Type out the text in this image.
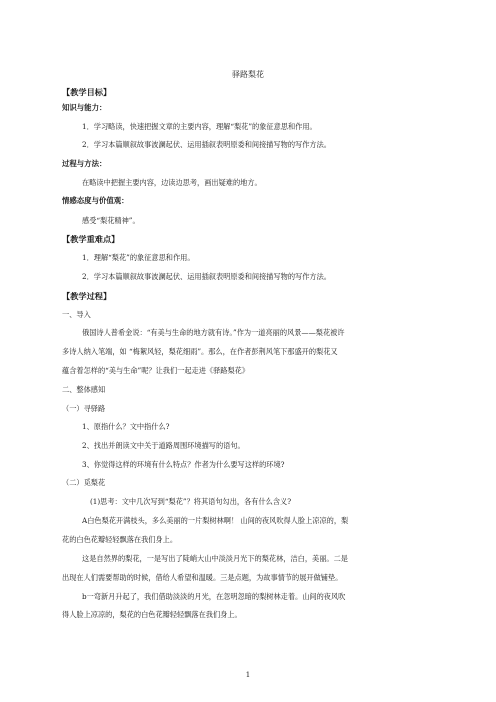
驿路梨花
【教学目标】
知识与能力：
1．学习略读，快速把握文章的主要内容，理解“梨花”的象征意思和作用。
2．学习本篇顺叙故事波澜起伏、运用插叙表明原委和间接描写物的写作方法。
过程与方法：
在略读中把握主要内容，边读边思考，画出疑难的地方。
情感态度与价值观：
感受“梨花精神”。
【教学重难点】
1．理解“梨花”的象征意思和作用。
2．学习本篇顺叙故事波澜起伏、运用插叙表明原委和间接描写物的写作方法。
【教学过程】
一、导入
俄国诗人普希金说：“有美与生命的地方就有诗。”作为一道亮丽的风景——梨花被许
多诗人纳入笔端，如 “梅絮风轻，梨花细雨”。那么，在作者彭荆风笔下那盛开的梨花又
蕴含着怎样的“美与生命”呢？让我们一起走进《驿路梨花》
二、整体感知
（一）寻驿路
1、原指什么？文中指什么?
2、找出并朗读文中关于道路周围环境描写的语句。
3、你觉得这样的环境有什么特点？作者为什么要写这样的环境?
（二）觅梨花
(1)思考：文中几次写到“梨花”？将其语句勾出，各有什么含义?
A白色梨花开满枝头，多么美丽的一片梨树林啊！ 山间的夜风吹得人脸上凉凉的，梨
花的白色花瓣轻轻飘落在我们身上。
这是自然界的梨花，一是写出了陡峭大山中淡淡月光下的梨花林，洁白，美丽。二是
出现在人们需要帮助的时候，借给人希望和温暖。三是点题，为故事情节的展开做铺垫。
b一弯新月升起了，我们借助淡淡的月光，在忽明忽暗的梨树林走着。山间的夜风吹
得人脸上凉凉的，梨花的白色花瓣轻轻飘落在我们身上。
1
